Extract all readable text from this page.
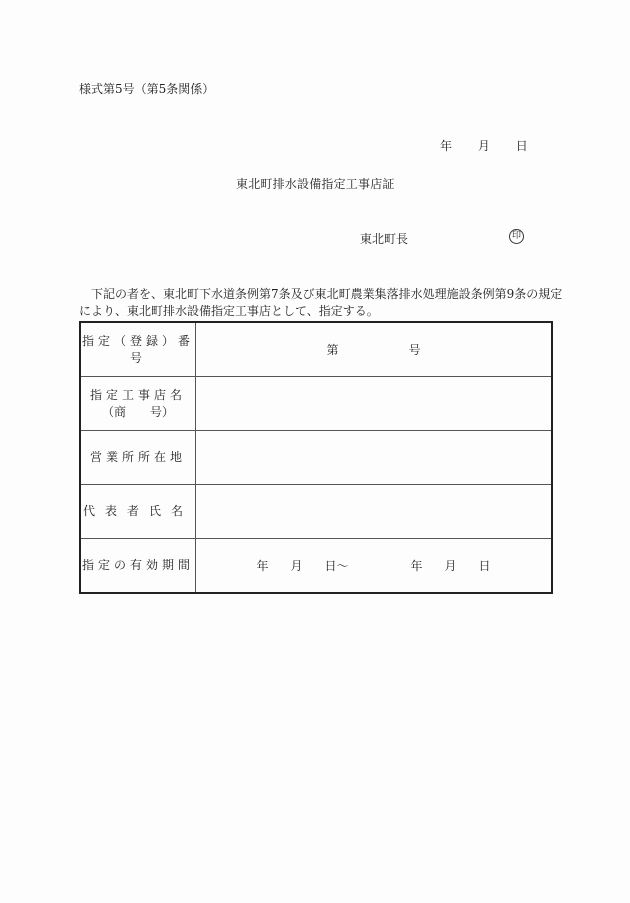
様式第5号（第5条関係）
年 月 日
東北町排水設備指定工事店証
東北町長	印
下記の者を、東北町下水道条例第7条及び東北町農業集落排水処理施設条例第9条の規定
により、東北町排水設備指定工事店として、指定する。
指定（登録）番号	第 号

指定工事店名
（商　　号）	

営業所所在地	
代表者氏名	
指定の有効期間	年 月 日～ 年 月 日
